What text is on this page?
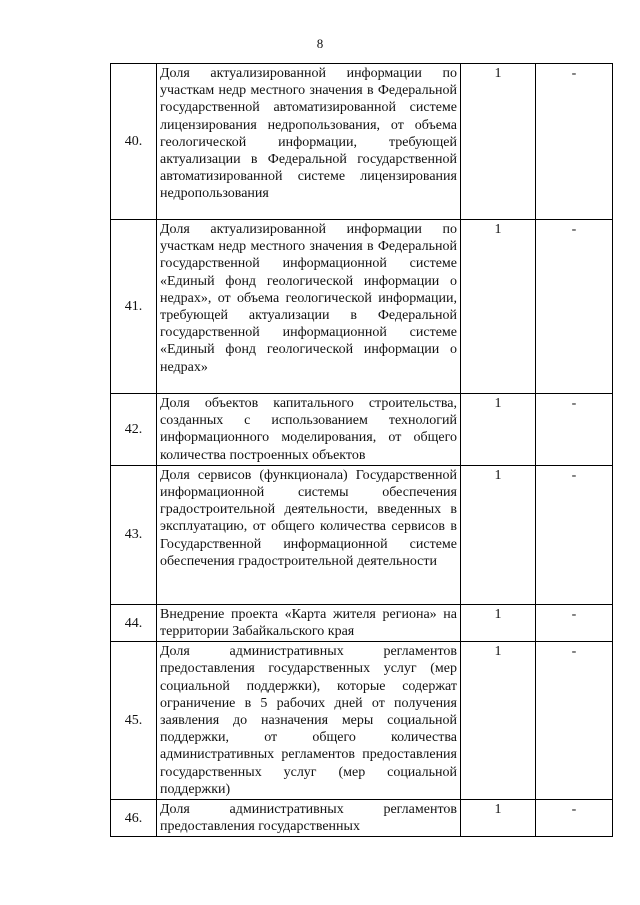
8
40.	Доля актуализированной информации по участкам недр местного значения в Федеральной государственной автоматизированной системе лицензирования недропользования, от объема геологической информации, требующей актуализации в Федеральной государственной автоматизированной системе лицензирования недропользования	1	-
41.	Доля актуализированной информации по участкам недр местного значения в Федеральной государственной информационной системе «Единый фонд геологической информации о недрах», от объема геологической информации, требующей актуализации в Федеральной государственной информационной системе «Единый фонд геологической информации о недрах»	1	-
42.	Доля объектов капитального строительства, созданных с использованием технологий информационного моделирования, от общего количества построенных объектов	1	-
43.	Доля сервисов (функционала) Государственной информационной системы обеспечения градостроительной деятельности, введенных в эксплуатацию, от общего количества сервисов в Государственной информационной системе обеспечения градостроительной деятельности	1	-
44.	Внедрение проекта «Карта жителя региона» на территории Забайкальского края	1	-
45.	Доля административных регламентов предоставления государственных услуг (мер социальной поддержки), которые содержат ограничение в 5 рабочих дней от получения заявления до назначения меры социальной поддержки, от общего количества административных регламентов предоставления государственных услуг (мер социальной поддержки)	1	-
46.	Доля административных регламентов предоставления государственных	1	-
